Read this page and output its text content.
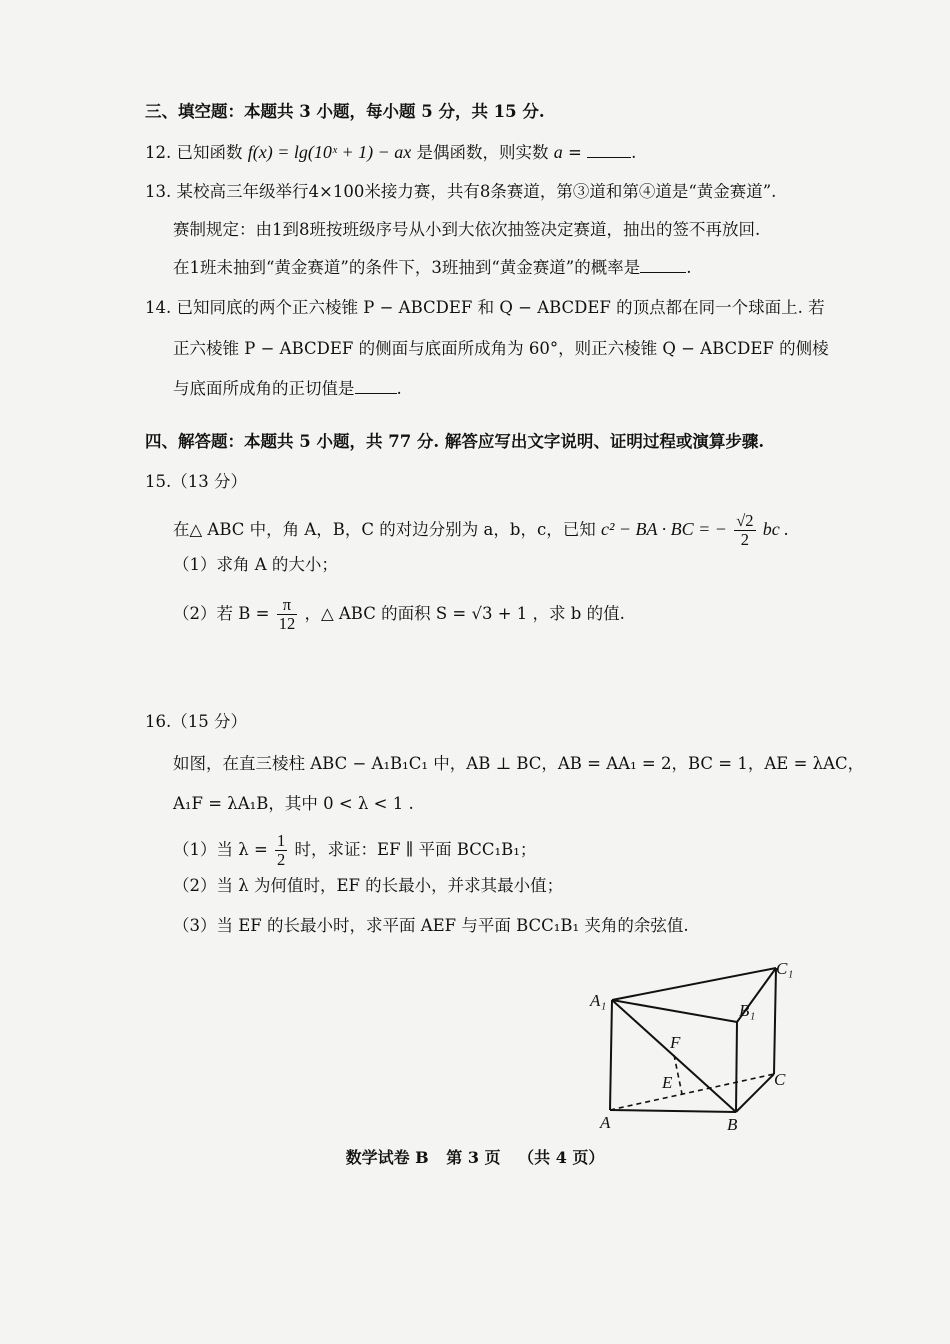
三、填空题：本题共 3 小题，每小题 5 分，共 15 分.
12. 已知函数 f(x) = lg(10ˣ + 1) − ax 是偶函数，则实数 a =	.
13. 某校高三年级举行4×100米接力赛，共有8条赛道，第③道和第④道是“黄金赛道”.
赛制规定：由1到8班按班级序号从小到大依次抽签决定赛道，抽出的签不再放回.
在1班未抽到“黄金赛道”的条件下，3班抽到“黄金赛道”的概率是	.
14. 已知同底的两个正六棱锥 P − ABCDEF 和 Q − ABCDEF 的顶点都在同一个球面上. 若
正六棱锥 P − ABCDEF 的侧面与底面所成角为 60°，则正六棱锥 Q − ABCDEF 的侧棱
与底面所成角的正切值是	.
四、解答题：本题共 5 小题，共 77 分. 解答应写出文字说明、证明过程或演算步骤.
15.（13 分）
在△ ABC 中，角 A，B，C 的对边分别为 a，b，c，已知 c² − BA · BC = − $\frac{√2}{2}$ bc .
（1）求角 A 的大小；
（2）若 $B = \frac{\pi}{12}$ ，△ ABC 的面积 S = √3 + 1 ，求 b 的值.
16.（15 分）
如图，在直三棱柱 ABC − A₁B₁C₁ 中，AB ⊥ BC，AB = AA₁ = 2，BC = 1，AE = λAC，
A₁F = λA₁B，其中 0 < λ < 1 .
（1）当 $\lambda = \frac{1}{2}$ 时，求证：EF ∥ 平面 BCC₁B₁；
（2）当 λ 为何值时，EF 的长最小，并求其最小值；
（3）当 EF 的长最小时，求平面 AEF 与平面 BCC₁B₁ 夹角的余弦值.
A₁
B₁
C₁
A	B
C
E
F
数学试卷 B 第 3 页 （共 4 页）
